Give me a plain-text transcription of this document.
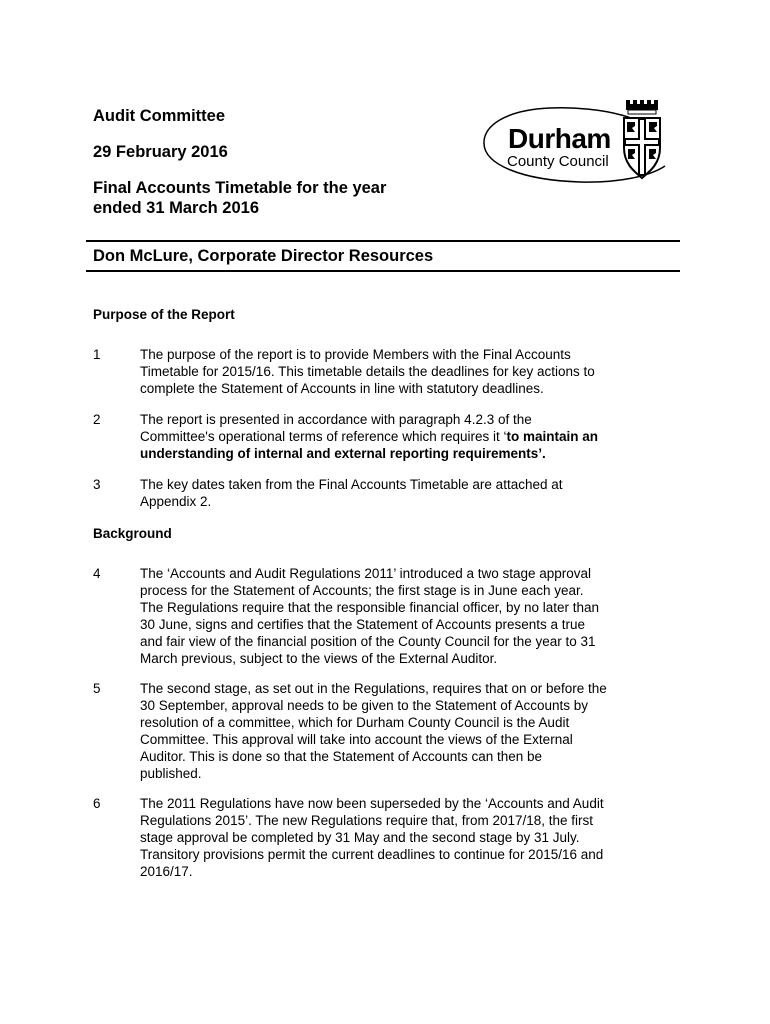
Audit Committee
29 February 2016
Final Accounts Timetable for the year
ended 31 March 2016
Durham
County Council
Don McLure, Corporate Director Resources
Purpose of the Report
1	The purpose of the report is to provide Members with the Final Accounts
Timetable for 2015/16. This timetable details the deadlines for key actions to
complete the Statement of Accounts in line with statutory deadlines.
2	The report is presented in accordance with paragraph 4.2.3 of the
Committee's operational terms of reference which requires it ‘to maintain an
understanding of internal and external reporting requirements’.
3	The key dates taken from the Final Accounts Timetable are attached at
Appendix 2.
Background
4	The ‘Accounts and Audit Regulations 2011’ introduced a two stage approval
process for the Statement of Accounts; the first stage is in June each year.
The Regulations require that the responsible financial officer, by no later than
30 June, signs and certifies that the Statement of Accounts presents a true
and fair view of the financial position of the County Council for the year to 31
March previous, subject to the views of the External Auditor.
5	The second stage, as set out in the Regulations, requires that on or before the
30 September, approval needs to be given to the Statement of Accounts by
resolution of a committee, which for Durham County Council is the Audit
Committee. This approval will take into account the views of the External
Auditor. This is done so that the Statement of Accounts can then be
published.
6	The 2011 Regulations have now been superseded by the ‘Accounts and Audit
Regulations 2015’. The new Regulations require that, from 2017/18, the first
stage approval be completed by 31 May and the second stage by 31 July.
Transitory provisions permit the current deadlines to continue for 2015/16 and
2016/17.
